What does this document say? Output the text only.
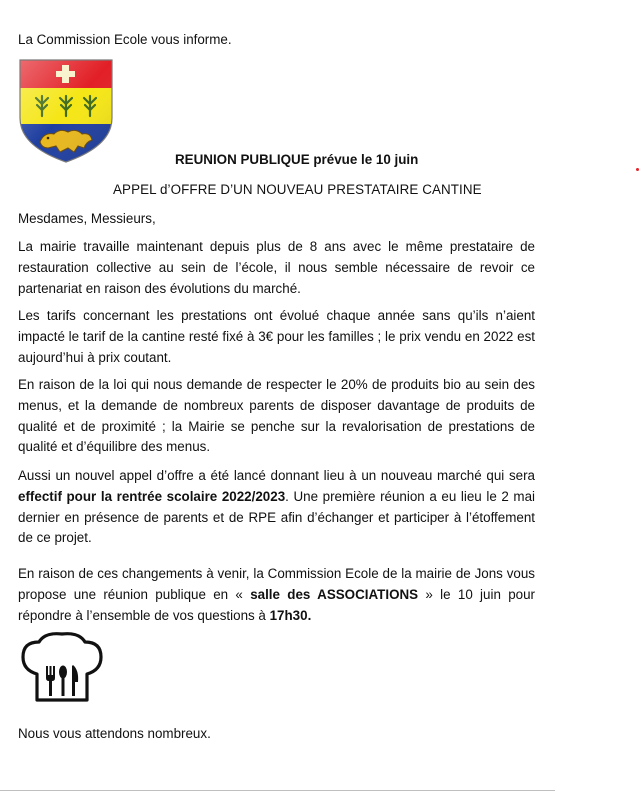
La Commission Ecole vous informe.
REUNION PUBLIQUE prévue le 10 juin
APPEL d’OFFRE D’UN NOUVEAU PRESTATAIRE CANTINE
Mesdames, Messieurs,

La mairie travaille maintenant depuis plus de 8 ans avec le même prestataire de restauration collective au sein de l’école, il nous semble nécessaire de revoir ce partenariat en raison des évolutions du marché.

Les tarifs concernant les prestations ont évolué chaque année sans qu’ils n’aient impacté le tarif de la cantine resté fixé à 3€ pour les familles ; le prix vendu en 2022 est aujourd’hui à prix coutant.

En raison de la loi qui nous demande de respecter le 20% de produits bio au sein des menus, et la demande de nombreux parents de disposer davantage de produits de qualité et de proximité ; la Mairie se penche sur la revalorisation de prestations de qualité et d’équilibre des menus.

Aussi un nouvel appel d’offre a été lancé donnant lieu à un nouveau marché qui sera effectif pour la rentrée scolaire 2022/2023. Une première réunion a eu lieu le 2 mai dernier en présence de parents et de RPE afin d’échanger et participer à l’étoffement de ce projet.

En raison de ces changements à venir, la Commission Ecole de la mairie de Jons vous propose une réunion publique en « salle des ASSOCIATIONS » le 10 juin pour répondre à l’ensemble de vos questions à 17h30.

Nous vous attendons nombreux.
